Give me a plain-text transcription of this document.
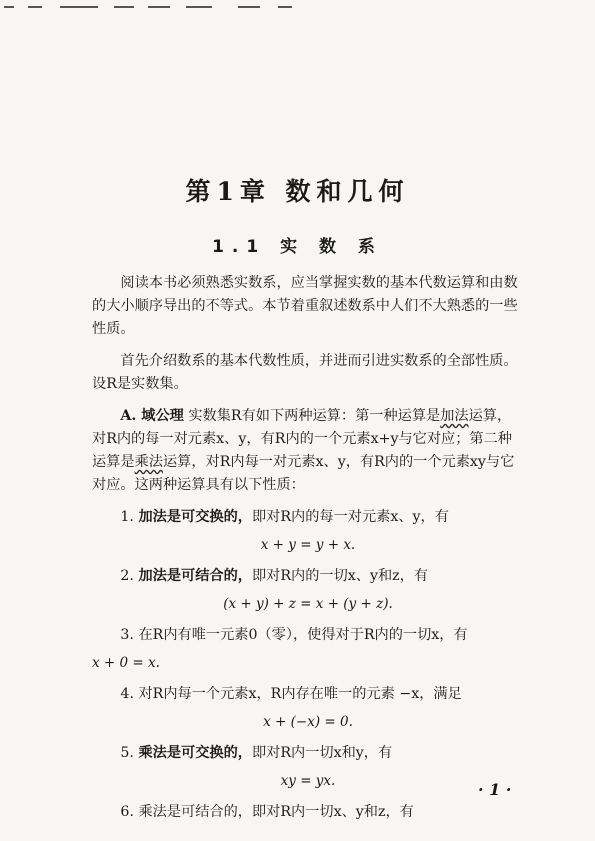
第1章 数和几何
1.1 实 数 系

阅读本书必须熟悉实数系，应当掌握实数的基本代数运算和由数的大小顺序导出的不等式。本节着重叙述数系中人们不大熟悉的一些性质。

首先介绍数系的基本代数性质，并进而引进实数系的全部性质。设R是实数集。

A. 域公理 实数集R有如下两种运算：第一种运算是加法运算，对R内的每一对元素x、y，有R内的一个元素x+y与它对应；第二种运算是乘法运算，对R内每一对元素x、y，有R内的一个元素xy与它对应。这两种运算具有以下性质：

1. 加法是可交换的，即对R内的每一对元素x、y，有

x + y = y + x.

2. 加法是可结合的，即对R内的一切x、y和z，有

(x + y) + z = x + (y + z).

3. 在R内有唯一元素0（零），使得对于R内的一切x，有

x + 0 = x.

4. 对R内每一个元素x，R内存在唯一的元素 −x，满足

x + (−x) = 0.

5. 乘法是可交换的，即对R内一切x和y，有

xy = yx.

6. 乘法是可结合的，即对R内一切x、y和z，有

· 1 ·
